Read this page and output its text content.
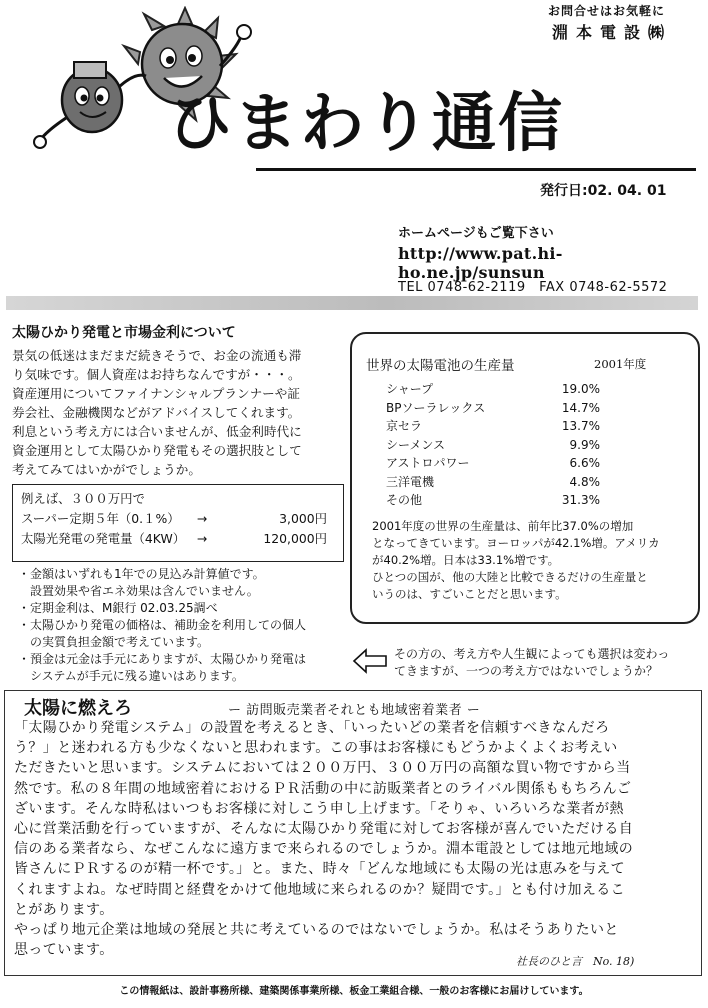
お問合せはお気軽に
淵本電設㈱
ひまわり通信
発行日:02. 04. 01
ホームページもご覧下さい
http://www.pat.hi-ho.ne.jp/sunsun
TEL 0748-62-2119　FAX 0748-62-5572
太陽ひかり発電と市場金利について
景気の低迷はまだまだ続きそうで、お金の流通も滞
り気味です。個人資産はお持ちなんですが・・・。
資産運用についてファイナンシャルプランナーや証
券会社、金融機関などがアドバイスしてくれます。
利息という考え方には合いませんが、低金利時代に
資金運用として太陽ひかり発電もその選択肢として
考えてみてはいかがでしょうか。
例えば、３００万円で
スーパー定期５年（0.１%）	→	3,000円
太陽光発電の発電量（4KW） →	120,000円
・金額はいずれも1年での見込み計算値です。
設置効果や省エネ効果は含んでいません。
・定期金利は、M銀行 02.03.25調べ
・太陽ひかり発電の価格は、補助金を利用しての個人
の実質負担金額で考えています。
・預金は元金は手元にありますが、太陽ひかり発電は
システムが手元に残る違いはあります。
世界の太陽電池の生産量	2001年度
シャープ	19.0%
BPソーラレックス	14.7%
京セラ	13.7%
シーメンス	9.9%
アストロパワー	6.6%
三洋電機	4.8%
その他	31.3%
2001年度の世界の生産量は、前年比37.0%の増加
となってきています。ヨーロッパが42.1%増。アメリカ
が40.2%増。日本は33.1%増です。
ひとつの国が、他の大陸と比較できるだけの生産量と
いうのは、すごいことだと思います。
その方の、考え方や人生観によっても選択は変わっ
てきますが、一つの考え方ではないでしょうか？
太陽に燃えろ	ー 訪問販売業者それとも地域密着業者 ー
「太陽ひかり発電システム」の設置を考えるとき、「いったいどの業者を信頼すべきなんだろ
う？」と迷われる方も少なくないと思われます。この事はお客様にもどうかよくよくお考えい
ただきたいと思います。システムにおいては２００万円、３００万円の高額な買い物ですから当
然です。私の８年間の地域密着におけるＰＲ活動の中に訪販業者とのライバル関係ももちろんご
ざいます。そんな時私はいつもお客様に対しこう申し上げます。「そりゃ、いろいろな業者が熱
心に営業活動を行っていますが、そんなに太陽ひかり発電に対してお客様が喜んでいただける自
信のある業者なら、なぜこんなに遠方まで来られるのでしょうか。淵本電設としては地元地域の
皆さんにＰＲするのが精一杯です。」と。また、時々「どんな地域にも太陽の光は恵みを与えて
くれますよね。なぜ時間と経費をかけて他地域に来られるのか？疑問です。」とも付け加えるこ
とがあります。
やっぱり地元企業は地域の発展と共に考えているのではないでしょうか。私はそうありたいと
思っています。
社長のひと言　No. 18)
この情報紙は、設計事務所様、建築関係事業所様、板金工業組合様、一般のお客様にお届けしています。
